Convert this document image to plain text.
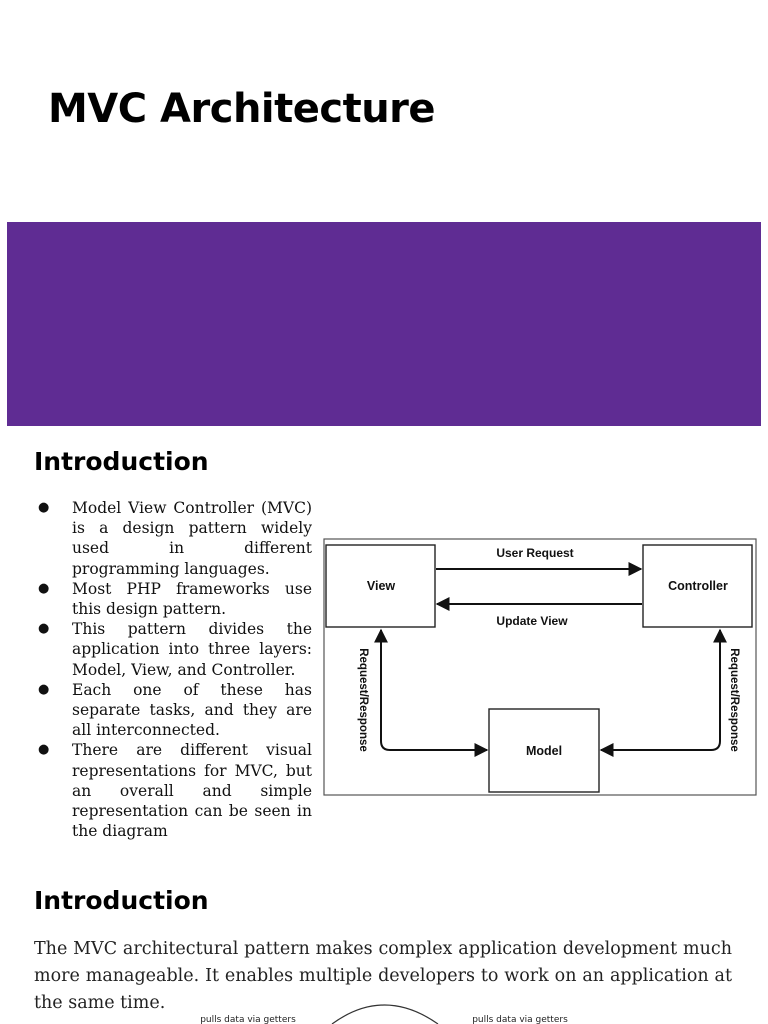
MVC Architecture
Introduction
● Model View Controller (MVC) is a design pattern widely used in different programming languages.
● Most PHP frameworks use this design pattern.
● This pattern divides the application into three layers: Model, View, and Controller.
● Each one of these has separate tasks, and they are all interconnected.
● There are different visual representations for MVC, but an overall and simple representation can be seen in the diagram
View	Controller
Model
User Request
Update View
Request/Response	Request/Response
Introduction

The MVC architectural pattern makes complex application development much more manageable. It enables multiple developers to work on an application at the same time.

pulls data via getters	pulls data via getters
